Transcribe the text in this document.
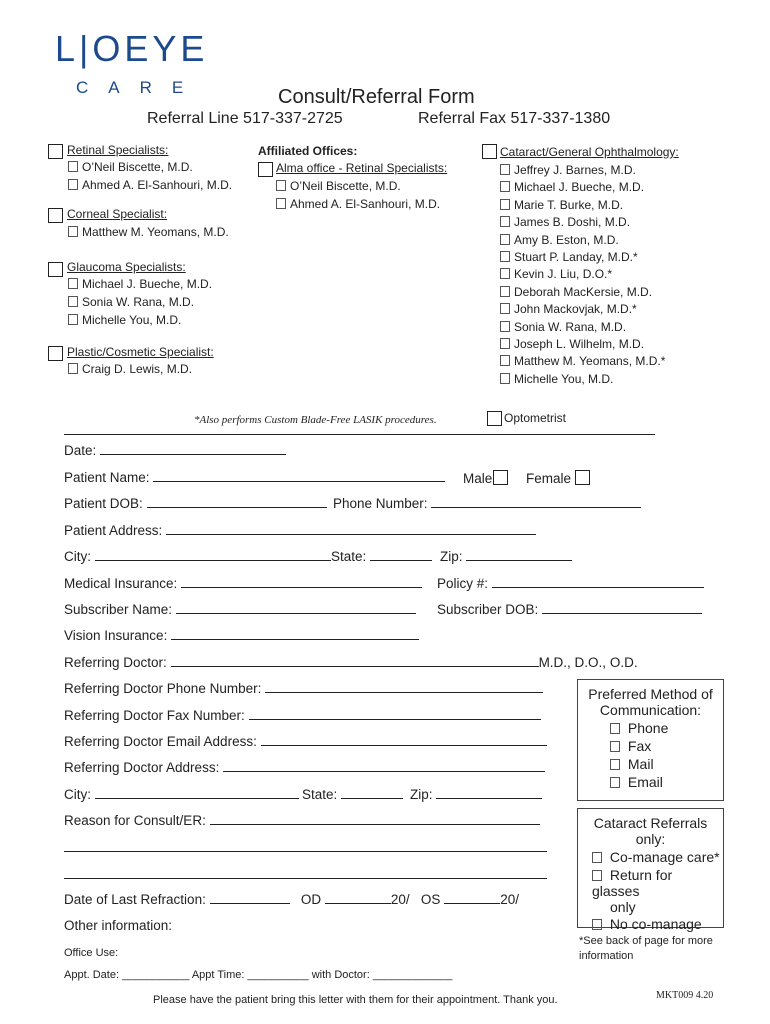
L|OEYE
CARE	Consult/Referral Form
Referral Line 517-337-2725	Referral Fax 517-337-1380
Retinal Specialists:
O’Neil Biscette, M.D.
Ahmed A. El-Sanhouri, M.D.
Corneal Specialist:
Matthew M. Yeomans, M.D.
Glaucoma Specialists:
Michael J. Bueche, M.D.
Sonia W. Rana, M.D.
Michelle You, M.D.
Plastic/Cosmetic Specialist:
Craig D. Lewis, M.D.
Affiliated Offices:
Alma office - Retinal Specialists:
O’Neil Biscette, M.D.
Ahmed A. El-Sanhouri, M.D.
Cataract/General Ophthalmology:
Jeffrey J. Barnes, M.D.
Michael J. Bueche, M.D.
Marie T. Burke, M.D.
James B. Doshi, M.D.
Amy B. Eston, M.D.
Stuart P. Landay, M.D.*
Kevin J. Liu, D.O.*
Deborah MacKersie, M.D.
John Mackovjak, M.D.*
Sonia W. Rana, M.D.
Joseph L. Wilhelm, M.D.
Matthew M. Yeomans, M.D.*
Michelle You, M.D.
*Also performs Custom Blade-Free LASIK procedures.	Optometrist
Date:
Patient Name:	Male	Female
Patient DOB:	Phone Number:
Patient Address:
City:	State:	Zip:
Medical Insurance:	Policy #:
Subscriber Name:	Subscriber DOB:
Vision Insurance:
Referring Doctor:	M.D., D.O., O.D.
Referring Doctor Phone Number:
Referring Doctor Fax Number:
Referring Doctor Email Address:
Referring Doctor Address:
City:	State:	Zip:
Reason for Consult/ER:
Date of Last Refraction:	OD	20/ OS	20/
Other information:
Preferred Method of
Communication:
Phone
Fax
Mail
Email
Cataract Referrals
only:
Co-manage care*
Return for glasses
only
No co-manage
*See back of page for more
information
Office Use:
Appt. Date: ___________ Appt Time: __________ with Doctor: _____________
Please have the patient bring this letter with them for their appointment. Thank you.	MKT009 4.20
